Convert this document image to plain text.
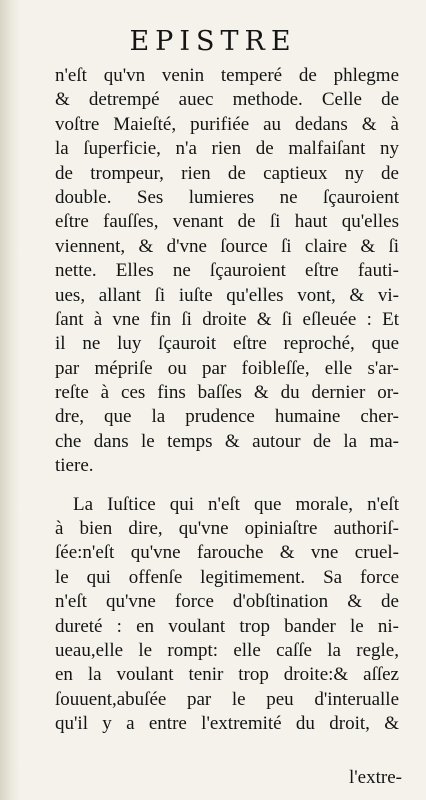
EPISTRE
n'eſt qu'vn venin temperé de phlegme
& detrempé auec methode. Celle de
voſtre Maieſté, purifiée au dedans & à
la ſuperficie, n'a rien de malfaiſant ny
de trompeur, rien de captieux ny de
double. Ses lumieres ne ſçauroient
eſtre fauſſes, venant de ſi haut qu'elles
viennent, & d'vne ſource ſi claire & ſi
nette. Elles ne ſçauroient eſtre fauti-
ues, allant ſi iuſte qu'elles vont, & vi-
ſant à vne fin ſi droite & ſi eſleuée : Et
il ne luy ſçauroit eſtre reproché, que
par mépriſe ou par foibleſſe, elle s'ar-
reſte à ces fins baſſes & du dernier or-
dre, que la prudence humaine cher-
che dans le temps & autour de la ma-
tiere.
La Iuſtice qui n'eſt que morale, n'eſt
à bien dire, qu'vne opiniaſtre authoriſ-
ſée:n'eſt qu'vne farouche & vne cruel-
le qui offenſe legitimement. Sa force
n'eſt qu'vne force d'obſtination & de
dureté : en voulant trop bander le ni-
ueau,elle le rompt: elle caſſe la regle,
en la voulant tenir trop droite:& aſſez
ſouuent,abuſée par le peu d'interualle
qu'il y a entre l'extremité du droit, &
l'extre-
